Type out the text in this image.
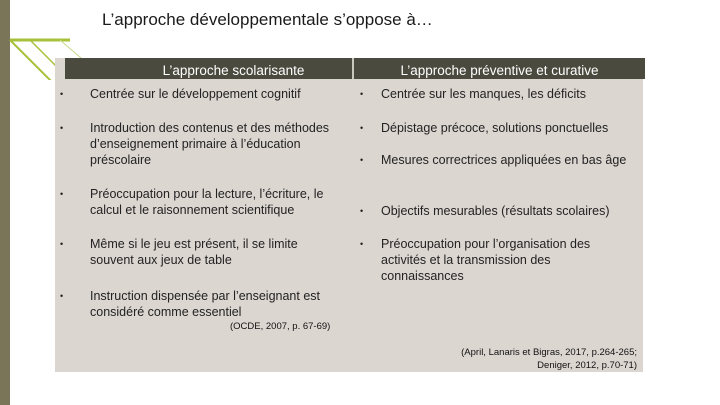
L’approche développementale s’oppose à…
L’approche scolarisante	L’approche préventive et curative
• Centrée sur le développement cognitif
• Introduction des contenus et des méthodes d’enseignement primaire à l’éducation préscolaire
• Préoccupation pour la lecture, l’écriture, le calcul et le raisonnement scientifique
• Même si le jeu est présent, il se limite souvent aux jeux de table
• Instruction dispensée par l’enseignant est considéré comme essentiel
• Centrée sur les manques, les déficits
• Dépistage précoce, solutions ponctuelles
• Mesures correctrices appliquées en bas âge
• Objectifs mesurables (résultats scolaires)
• Préoccupation pour l’organisation des activités et la transmission des connaissances
(OCDE, 2007, p. 67-69)
(April, Lanaris et Bigras, 2017, p.264-265;
Deniger, 2012, p.70-71)
